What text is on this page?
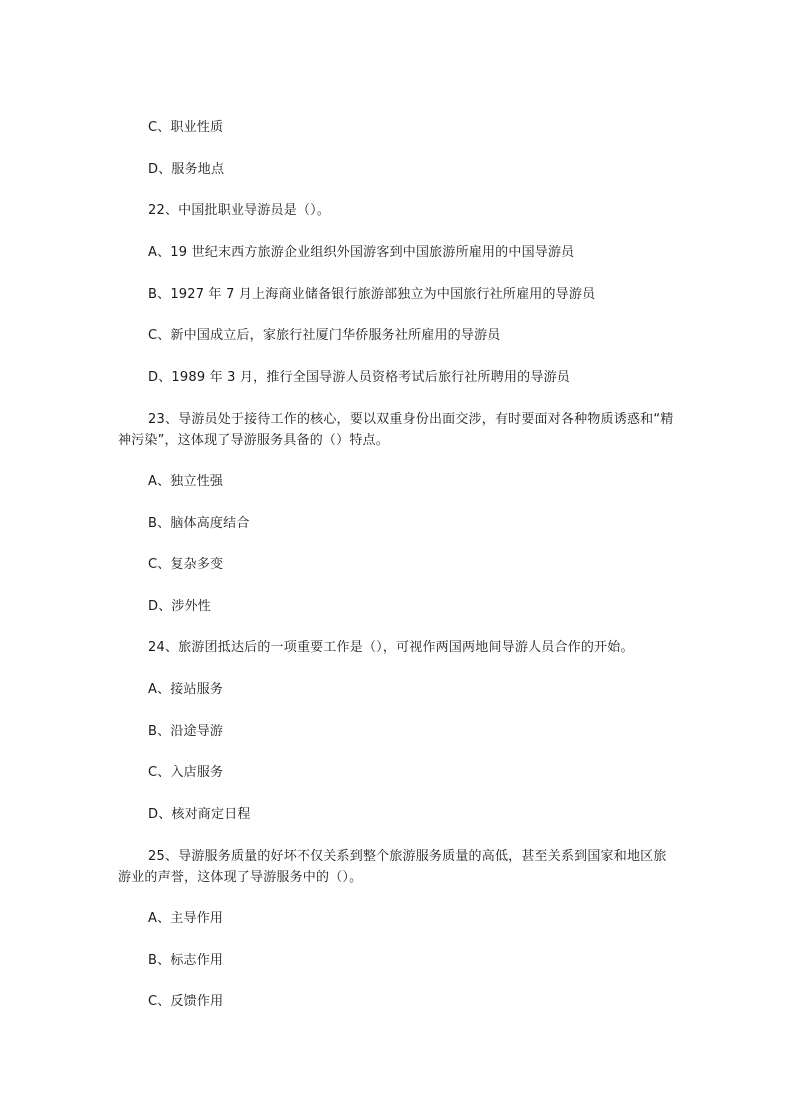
C、职业性质
D、服务地点
22、中国批职业导游员是（）。
A、19 世纪末西方旅游企业组织外国游客到中国旅游所雇用的中国导游员
B、1927 年 7 月上海商业储备银行旅游部独立为中国旅行社所雇用的导游员
C、新中国成立后，家旅行社厦门华侨服务社所雇用的导游员
D、1989 年 3 月，推行全国导游人员资格考试后旅行社所聘用的导游员
23、导游员处于接待工作的核心，要以双重身份出面交涉，有时要面对各种物质诱惑和“精神污染”，这体现了导游服务具备的（）特点。
A、独立性强
B、脑体高度结合
C、复杂多变
D、涉外性
24、旅游团抵达后的一项重要工作是（），可视作两国两地间导游人员合作的开始。
A、接站服务
B、沿途导游
C、入店服务
D、核对商定日程
25、导游服务质量的好坏不仅关系到整个旅游服务质量的高低，甚至关系到国家和地区旅游业的声誉，这体现了导游服务中的（）。
A、主导作用
B、标志作用
C、反馈作用
